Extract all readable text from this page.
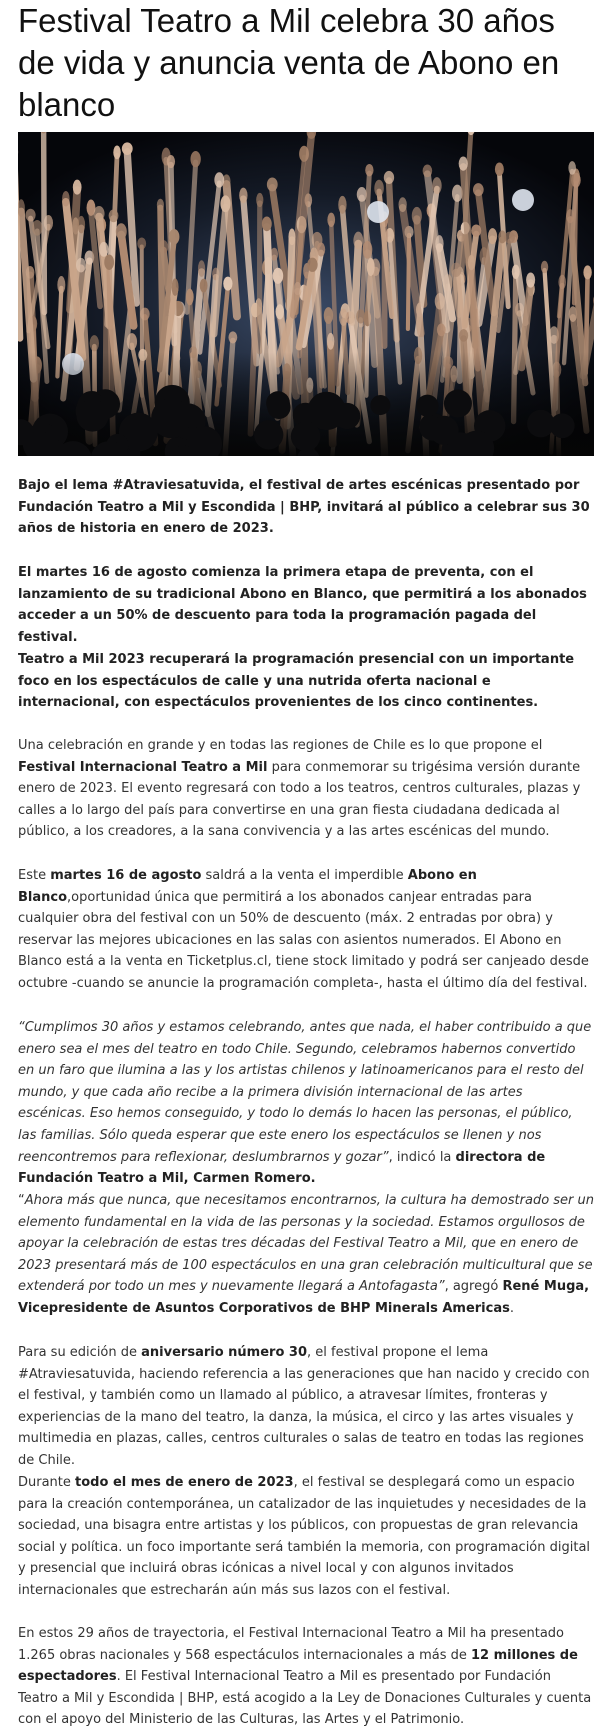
Festival Teatro a Mil celebra 30 años de vida y anuncia venta de Abono en blanco

Bajo el lema #Atraviesatuvida, el festival de artes escénicas presentado por Fundación Teatro a Mil y Escondida | BHP, invitará al público a celebrar sus 30 años de historia en enero de 2023.

El martes 16 de agosto comienza la primera etapa de preventa, con el lanzamiento de su tradicional Abono en Blanco, que permitirá a los abonados acceder a un 50% de descuento para toda la programación pagada del festival.

Teatro a Mil 2023 recuperará la programación presencial con un importante foco en los espectáculos de calle y una nutrida oferta nacional e internacional, con espectáculos provenientes de los cinco continentes.

Una celebración en grande y en todas las regiones de Chile es lo que propone el Festival Internacional Teatro a Mil para conmemorar su trigésima versión durante enero de 2023. El evento regresará con todo a los teatros, centros culturales, plazas y calles a lo largo del país para convertirse en una gran fiesta ciudadana dedicada al público, a los creadores, a la sana convivencia y a las artes escénicas del mundo.

Este martes 16 de agosto saldrá a la venta el imperdible Abono en Blanco,oportunidad única que permitirá a los abonados canjear entradas para cualquier obra del festival con un 50% de descuento (máx. 2 entradas por obra) y reservar las mejores ubicaciones en las salas con asientos numerados. El Abono en Blanco está a la venta en Ticketplus.cl, tiene stock limitado y podrá ser canjeado desde octubre -cuando se anuncie la programación completa-, hasta el último día del festival.

“Cumplimos 30 años y estamos celebrando, antes que nada, el haber contribuido a que enero sea el mes del teatro en todo Chile. Segundo, celebramos habernos convertido en un faro que ilumina a las y los artistas chilenos y latinoamericanos para el resto del mundo, y que cada año recibe a la primera división internacional de las artes escénicas. Eso hemos conseguido, y todo lo demás lo hacen las personas, el público, las familias. Sólo queda esperar que este enero los espectáculos se llenen y nos reencontremos para reflexionar, deslumbrarnos y gozar”, indicó la directora de Fundación Teatro a Mil, Carmen Romero.

“Ahora más que nunca, que necesitamos encontrarnos, la cultura ha demostrado ser un elemento fundamental en la vida de las personas y la sociedad. Estamos orgullosos de apoyar la celebración de estas tres décadas del Festival Teatro a Mil, que en enero de 2023 presentará más de 100 espectáculos en una gran celebración multicultural que se extenderá por todo un mes y nuevamente llegará a Antofagasta”, agregó René Muga, Vicepresidente de Asuntos Corporativos de BHP Minerals Americas.

Para su edición de aniversario número 30, el festival propone el lema #Atraviesatuvida, haciendo referencia a las generaciones que han nacido y crecido con el festival, y también como un llamado al público, a atravesar límites, fronteras y experiencias de la mano del teatro, la danza, la música, el circo y las artes visuales y multimedia en plazas, calles, centros culturales o salas de teatro en todas las regiones de Chile.

Durante todo el mes de enero de 2023, el festival se desplegará como un espacio para la creación contemporánea, un catalizador de las inquietudes y necesidades de la sociedad, una bisagra entre artistas y los públicos, con propuestas de gran relevancia social y política. un foco importante será también la memoria, con programación digital y presencial que incluirá obras icónicas a nivel local y con algunos invitados internacionales que estrecharán aún más sus lazos con el festival.

En estos 29 años de trayectoria, el Festival Internacional Teatro a Mil ha presentado 1.265 obras nacionales y 568 espectáculos internacionales a más de 12 millones de espectadores. El Festival Internacional Teatro a Mil es presentado por Fundación Teatro a Mil y Escondida | BHP, está acogido a la Ley de Donaciones Culturales y cuenta con el apoyo del Ministerio de las Culturas, las Artes y el Patrimonio.
